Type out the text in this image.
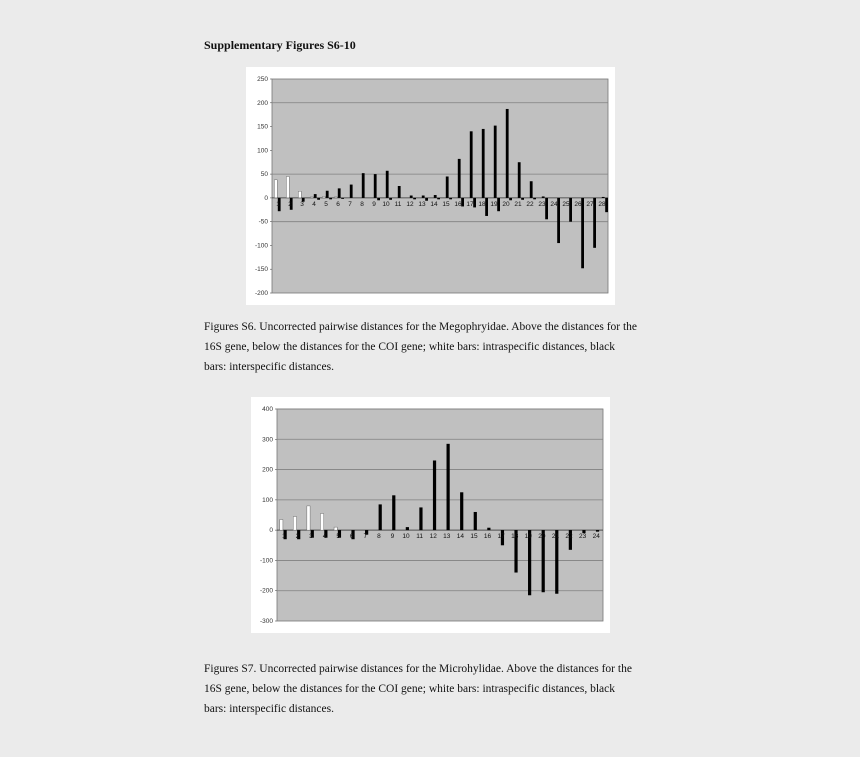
Supplementary Figures S6-10
250
200
150
100
50
0
-50
-100
-150
-200
1 2 3 4 5 6 7 8 9 10 11 12 13 14 15 16 17 18 19 20 21 22 23 24 25 26 27 28
Figures S6. Uncorrected pairwise distances for the Megophryidae. Above the distances for the
16S gene, below the distances for the COI gene; white bars: intraspecific distances, black
bars: interspecific distances.
400
300
200
100
0
-100
-200
-300
1 2 3 4 5 6 7 8 9 10 11 12 13 14 15 16 17 18 19 20 21 22 23 24
Figures S7. Uncorrected pairwise distances for the Microhylidae. Above the distances for the
16S gene, below the distances for the COI gene; white bars: intraspecific distances, black
bars: interspecific distances.
